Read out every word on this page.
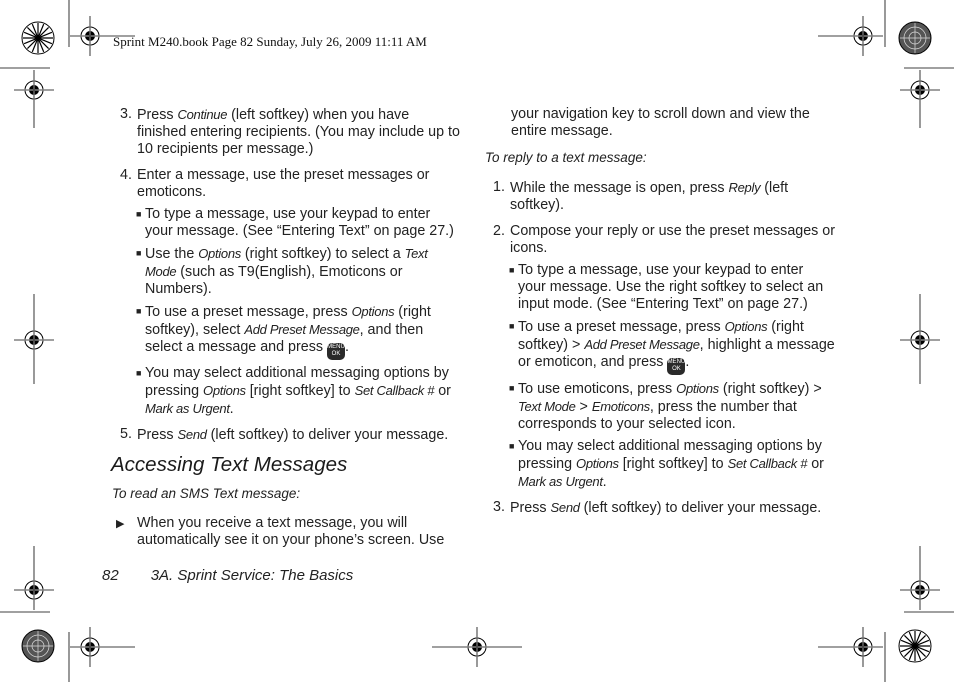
Sprint M240.book Page 82 Sunday, July 26, 2009 11:11 AM
3. Press Continue (left softkey) when you have finished entering recipients. (You may include up to 10 recipients per message.)
4. Enter a message, use the preset messages or emoticons.
■ To type a message, use your keypad to enter your message. (See “Entering Text” on page 27.)
■ Use the Options (right softkey) to select a Text Mode (such as T9(English), Emoticons or Numbers).
■ To use a preset message, press Options (right softkey), select Add Preset Message, and then select a message and press MENU
OK .
■ You may select additional messaging options by pressing Options [right softkey] to Set Callback # or Mark as Urgent.
5. Press Send (left softkey) to deliver your message.
Accessing Text Messages
To read an SMS Text message:
▶ When you receive a text message, you will automatically see it on your phone’s screen. Use
your navigation key to scroll down and view the entire message.
To reply to a text message:
1. While the message is open, press Reply (left softkey).
2. Compose your reply or use the preset messages or icons.
■ To type a message, use your keypad to enter your message. Use the right softkey to select an input mode. (See “Entering Text” on page 27.)
■ To use a preset message, press Options (right softkey) > Add Preset Message, highlight a message or emoticon, and press MENU
OK .
■ To use emoticons, press Options (right softkey) > Text Mode > Emoticons, press the number that corresponds to your selected icon.
■ You may select additional messaging options by pressing Options [right softkey] to Set Callback # or Mark as Urgent.
3. Press Send (left softkey) to deliver your message.
82 3A. Sprint Service: The Basics
